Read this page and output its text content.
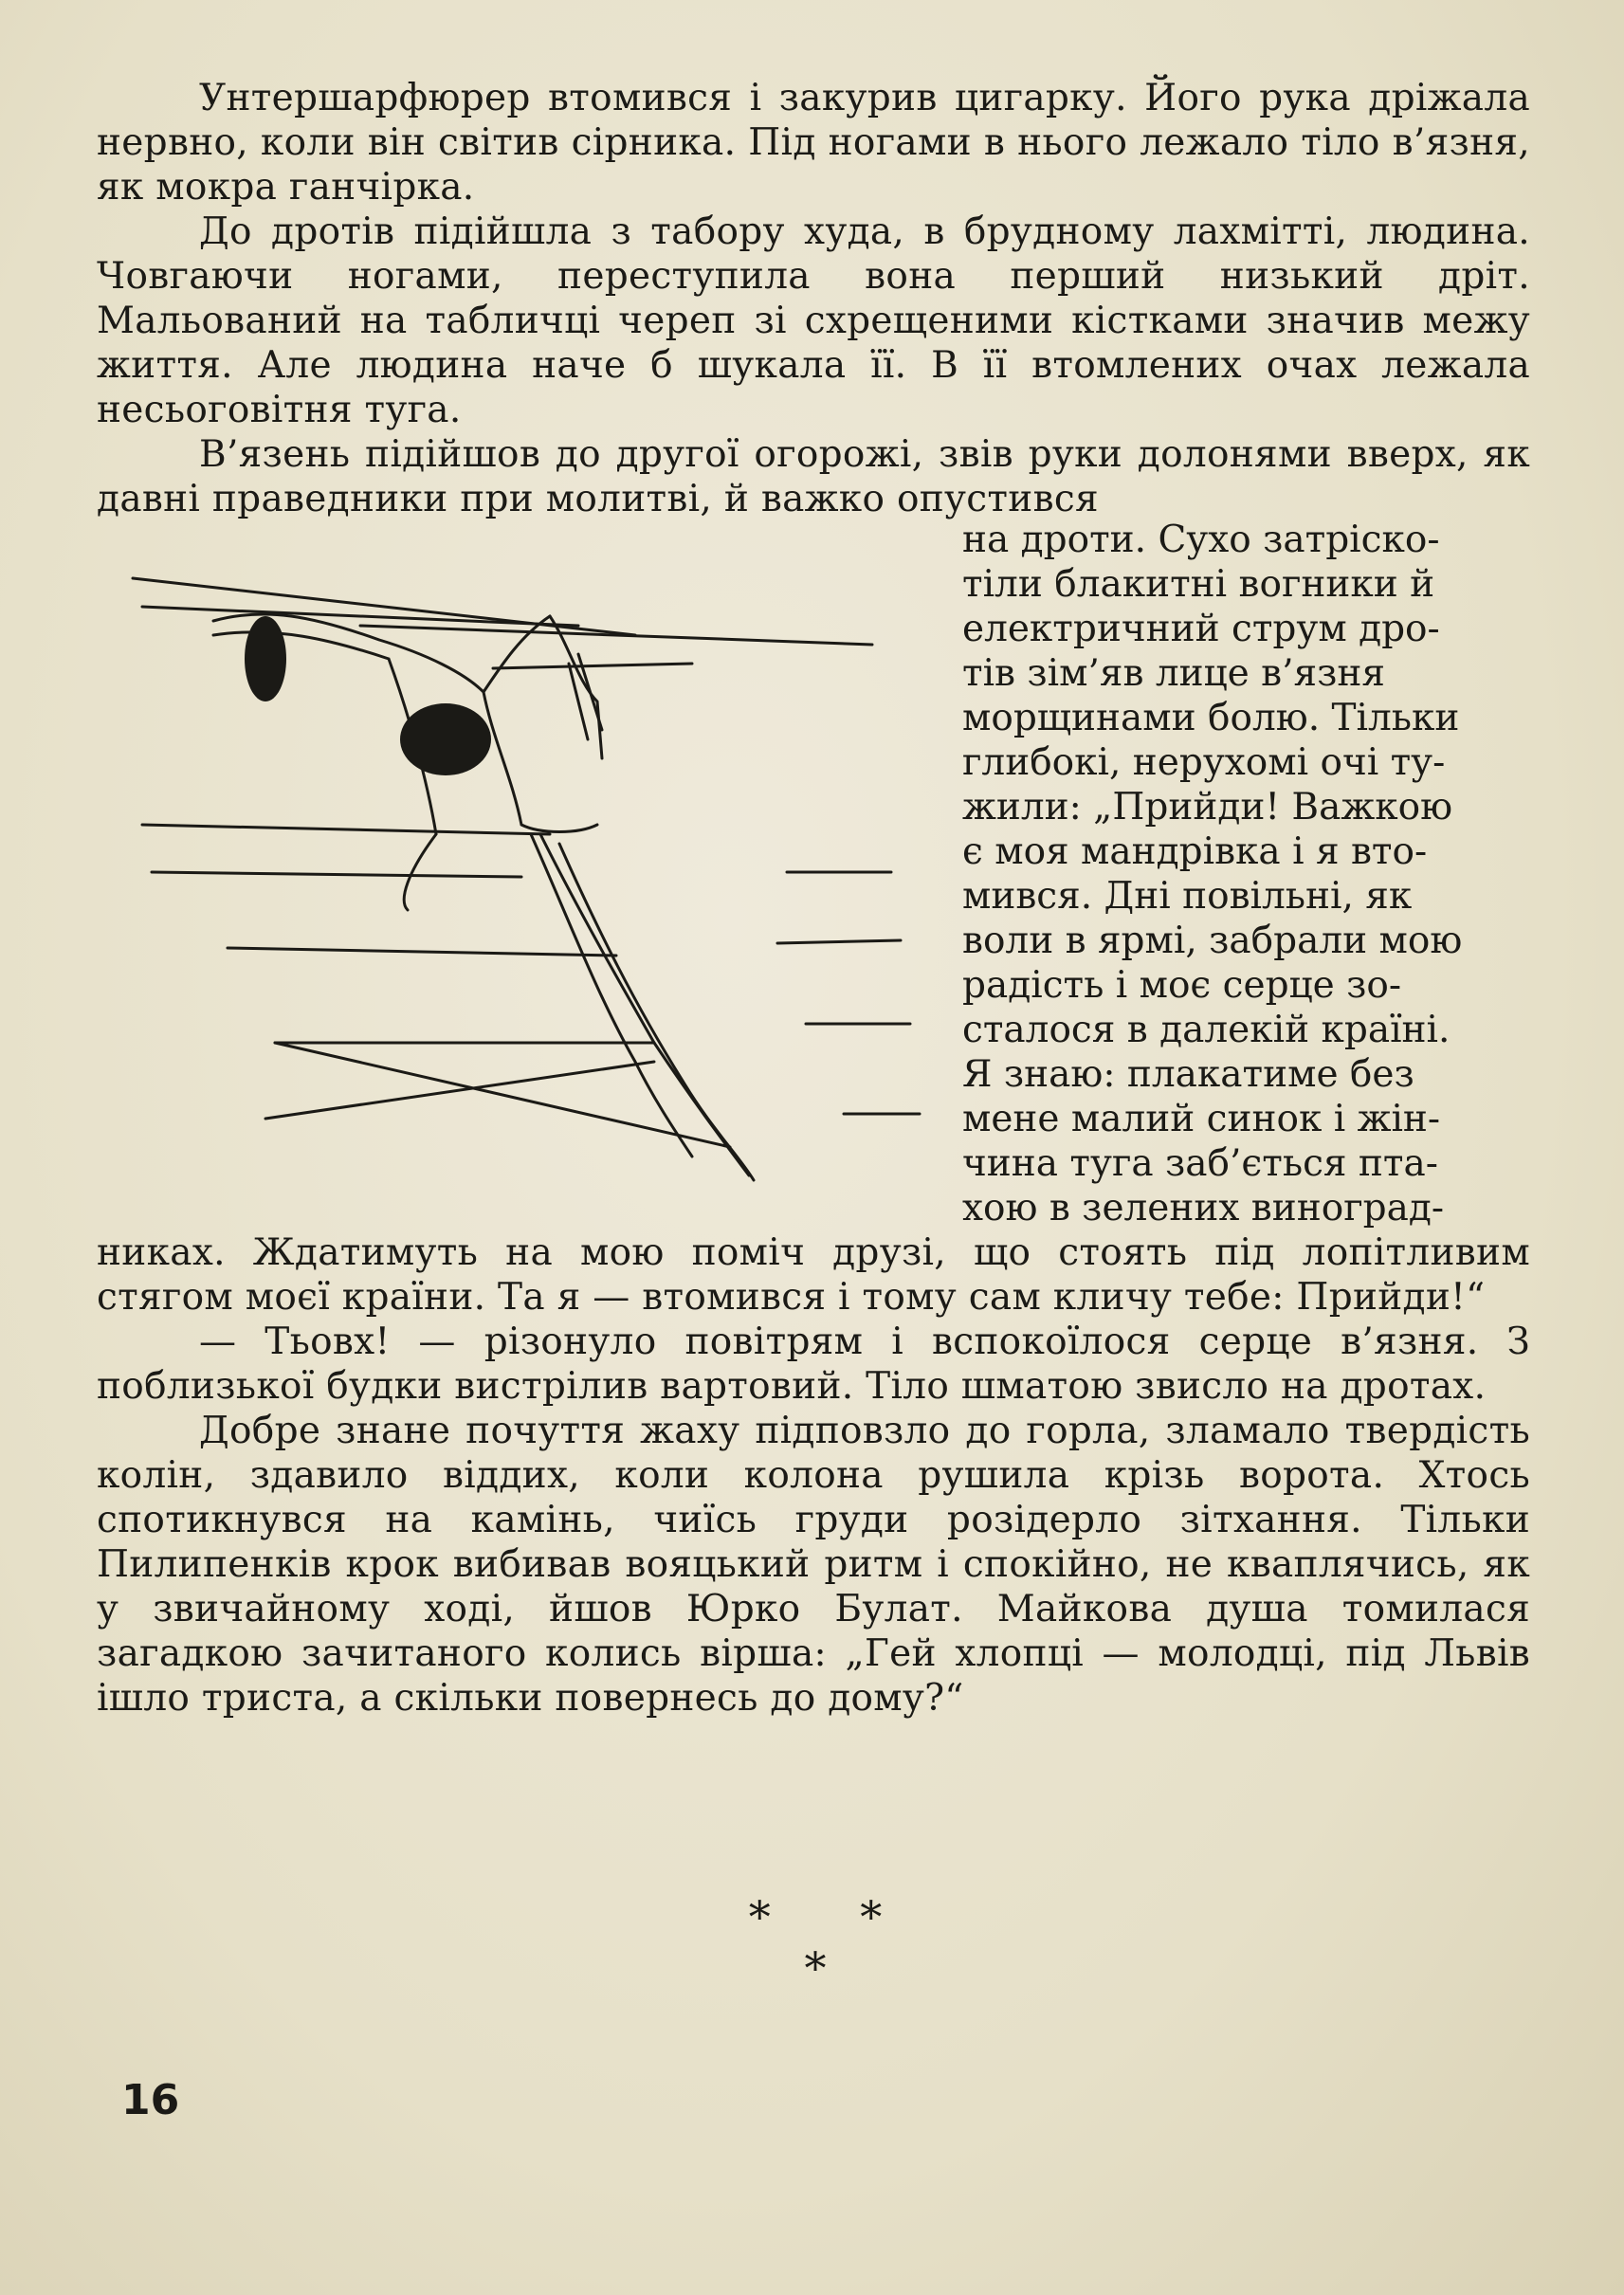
Унтершарфюрер втомився і закурив цигарку. Його рука дріжала нервно, коли він світив сірника. Під ногами в нього лежало тіло в’язня, як мокра ганчірка.

До дротів підійшла з табору худа, в брудному лахмітті, людина. Човгаючи ногами, переступила вона перший низький дріт. Мальований на табличці череп зі схрещеними кістками значив межу життя. Але людина наче б шукала її. В її втомлених очах лежала несьоговітня туга.

В’язень підійшов до другої огорожі, звів руки долонями вверх, як давні праведники при молитві, й важко опустився

на дроти. Сухо затріско-
тіли блакитні вогники й
електричний струм дро-
тів зім’яв лице в’язня
морщинами болю. Тільки
глибокі, нерухомі очі ту-
жили: „Прийди! Важкою
є моя мандрівка і я вто-
мився. Дні повільні, як
воли в ярмі, забрали мою
радість і моє серце зо-
сталося в далекій країні.
Я знаю: плакатиме без
мене малий синок і жін-
чина туга заб’ється пта-
хою в зелених виноград-

никах. Ждатимуть на мою поміч друзі, що стоять під лопітливим стягом моєї країни. Та я — втомився і тому сам кличу тебе: Прийди!“

— Тьовх! — різонуло повітрям і вспокоїлося серце в’язня. З поблизької будки вистрілив вартовий. Тіло шматою звисло на дротах.

Добре знане почуття жаху підповзло до горла, зламало твердість колін, здавило віддих, коли колона рушила крізь ворота. Хтось спотикнувся на камінь, чиїсь груди розідерло зітхання. Тільки Пилипенків крок вибивав вояцький ритм і спокійно, не кваплячись, як у звичайному ході, йшов Юрко Булат. Майкова душа томилася загадкою зачитаного колись вірша: „Гей хлопці — молодці, під Львів ішло триста, а скільки повернесь до дому?“

* * *
16
